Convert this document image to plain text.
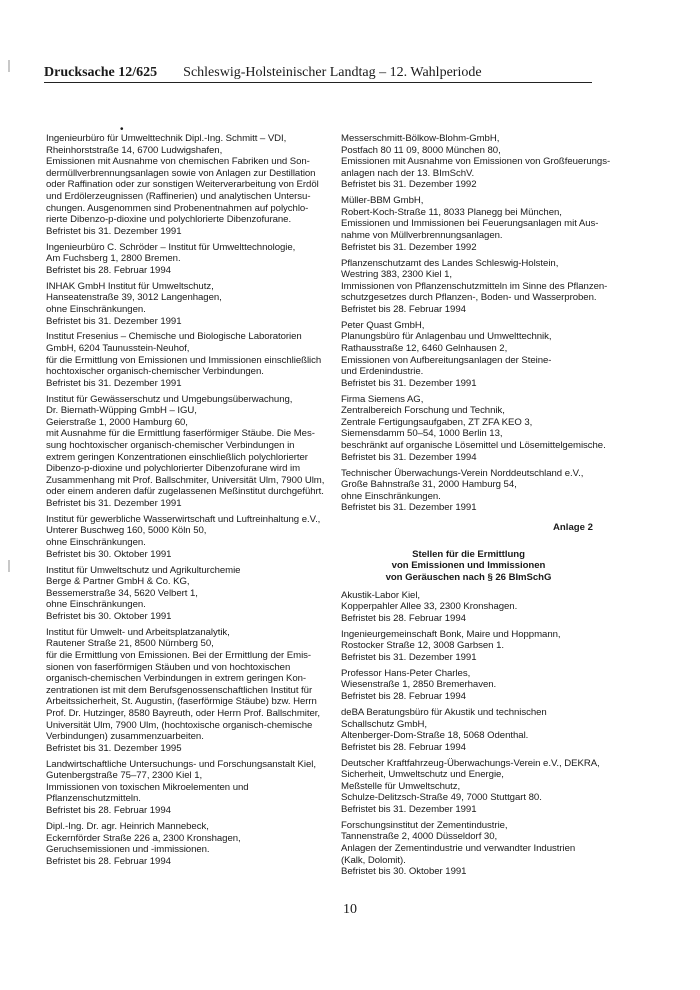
Drucksache 12/625 Schleswig-Holsteinischer Landtag – 12. Wahlperiode
•
Ingenieurbüro für Umwelttechnik Dipl.-Ing. Schmitt – VDI,
Rheinhorststraße 14, 6700 Ludwigshafen,
Emissionen mit Ausnahme von chemischen Fabriken und Son-
dermüllverbrennungsanlagen sowie von Anlagen zur Destillation
oder Raffination oder zur sonstigen Weiterverarbeitung von Erdöl
und Erdölerzeugnissen (Raffinerien) und analytischen Untersu-
chungen. Ausgenommen sind Probenentnahmen auf polychlo-
rierte Dibenzo-p-dioxine und polychlorierte Dibenzofurane.
Befristet bis 31. Dezember 1991
Ingenieurbüro C. Schröder – Institut für Umwelttechnologie,
Am Fuchsberg 1, 2800 Bremen.
Befristet bis 28. Februar 1994
INHAK GmbH Institut für Umweltschutz,
Hanseatenstraße 39, 3012 Langenhagen,
ohne Einschränkungen.
Befristet bis 31. Dezember 1991
Institut Fresenius – Chemische und Biologische Laboratorien
GmbH, 6204 Taunusstein-Neuhof,
für die Ermittlung von Emissionen und Immissionen einschließlich
hochtoxischer organisch-chemischer Verbindungen.
Befristet bis 31. Dezember 1991
Institut für Gewässerschutz und Umgebungsüberwachung,
Dr. Biernath-Wüpping GmbH – IGU,
Geierstraße 1, 2000 Hamburg 60,
mit Ausnahme für die Ermittlung faserförmiger Stäube. Die Mes-
sung hochtoxischer organisch-chemischer Verbindungen in
extrem geringen Konzentrationen einschließlich polychlorierter
Dibenzo-p-dioxine und polychlorierter Dibenzofurane wird im
Zusammenhang mit Prof. Ballschmiter, Universität Ulm, 7900 Ulm,
oder einem anderen dafür zugelassenen Meßinstitut durchgeführt.
Befristet bis 31. Dezember 1991
Institut für gewerbliche Wasserwirtschaft und Luftreinhaltung e.V.,
Unterer Buschweg 160, 5000 Köln 50,
ohne Einschränkungen.
Befristet bis 30. Oktober 1991
Institut für Umweltschutz und Agrikulturchemie
Berge & Partner GmbH & Co. KG,
Bessemerstraße 34, 5620 Velbert 1,
ohne Einschränkungen.
Befristet bis 30. Oktober 1991
Institut für Umwelt- und Arbeitsplatzanalytik,
Rautener Straße 21, 8500 Nürnberg 50,
für die Ermittlung von Emissionen. Bei der Ermittlung der Emis-
sionen von faserförmigen Stäuben und von hochtoxischen
organisch-chemischen Verbindungen in extrem geringen Kon-
zentrationen ist mit dem Berufsgenossenschaftlichen Institut für
Arbeitssicherheit, St. Augustin, (faserförmige Stäube) bzw. Herrn
Prof. Dr. Hutzinger, 8580 Bayreuth, oder Herrn Prof. Ballschmiter,
Universität Ulm, 7900 Ulm, (hochtoxische organisch-chemische
Verbindungen) zusammenzuarbeiten.
Befristet bis 31. Dezember 1995
Landwirtschaftliche Untersuchungs- und Forschungsanstalt Kiel,
Gutenbergstraße 75–77, 2300 Kiel 1,
Immissionen von toxischen Mikroelementen und
Pflanzenschutzmitteln.
Befristet bis 28. Februar 1994
Dipl.-Ing. Dr. agr. Heinrich Mannebeck,
Eckernförder Straße 226 a, 2300 Kronshagen,
Geruchsemissionen und -immissionen.
Befristet bis 28. Februar 1994
Messerschmitt-Bölkow-Blohm-GmbH,
Postfach 80 11 09, 8000 München 80,
Emissionen mit Ausnahme von Emissionen von Großfeuerungs-
anlagen nach der 13. BImSchV.
Befristet bis 31. Dezember 1992
Müller-BBM GmbH,
Robert-Koch-Straße 11, 8033 Planegg bei München,
Emissionen und Immissionen bei Feuerungsanlagen mit Aus-
nahme von Müllverbrennungsanlagen.
Befristet bis 31. Dezember 1992
Pflanzenschutzamt des Landes Schleswig-Holstein,
Westring 383, 2300 Kiel 1,
Immissionen von Pflanzenschutzmitteln im Sinne des Pflanzen-
schutzgesetzes durch Pflanzen-, Boden- und Wasserproben.
Befristet bis 28. Februar 1994
Peter Quast GmbH,
Planungsbüro für Anlagenbau und Umwelttechnik,
Rathausstraße 12, 6460 Gelnhausen 2,
Emissionen von Aufbereitungsanlagen der Steine-
und Erdenindustrie.
Befristet bis 31. Dezember 1991
Firma Siemens AG,
Zentralbereich Forschung und Technik,
Zentrale Fertigungsaufgaben, ZT ZFA KEO 3,
Siemensdamm 50–54, 1000 Berlin 13,
beschränkt auf organische Lösemittel und Lösemittelgemische.
Befristet bis 31. Dezember 1994
Technischer Überwachungs-Verein Norddeutschland e.V.,
Große Bahnstraße 31, 2000 Hamburg 54,
ohne Einschränkungen.
Befristet bis 31. Dezember 1991
Anlage 2
Stellen für die Ermittlung
von Emissionen und Immissionen
von Geräuschen nach § 26 BImSchG
Akustik-Labor Kiel,
Kopperpahler Allee 33, 2300 Kronshagen.
Befristet bis 28. Februar 1994
Ingenieurgemeinschaft Bonk, Maire und Hoppmann,
Rostocker Straße 12, 3008 Garbsen 1.
Befristet bis 31. Dezember 1991
Professor Hans-Peter Charles,
Wiesenstraße 1, 2850 Bremerhaven.
Befristet bis 28. Februar 1994
deBA Beratungsbüro für Akustik und technischen
Schallschutz GmbH,
Altenberger-Dom-Straße 18, 5068 Odenthal.
Befristet bis 28. Februar 1994
Deutscher Kraftfahrzeug-Überwachungs-Verein e.V., DEKRA,
Sicherheit, Umweltschutz und Energie,
Meßstelle für Umweltschutz,
Schulze-Delitzsch-Straße 49, 7000 Stuttgart 80.
Befristet bis 31. Dezember 1991
Forschungsinstitut der Zementindustrie,
Tannenstraße 2, 4000 Düsseldorf 30,
Anlagen der Zementindustrie und verwandter Industrien
(Kalk, Dolomit).
Befristet bis 30. Oktober 1991
10
